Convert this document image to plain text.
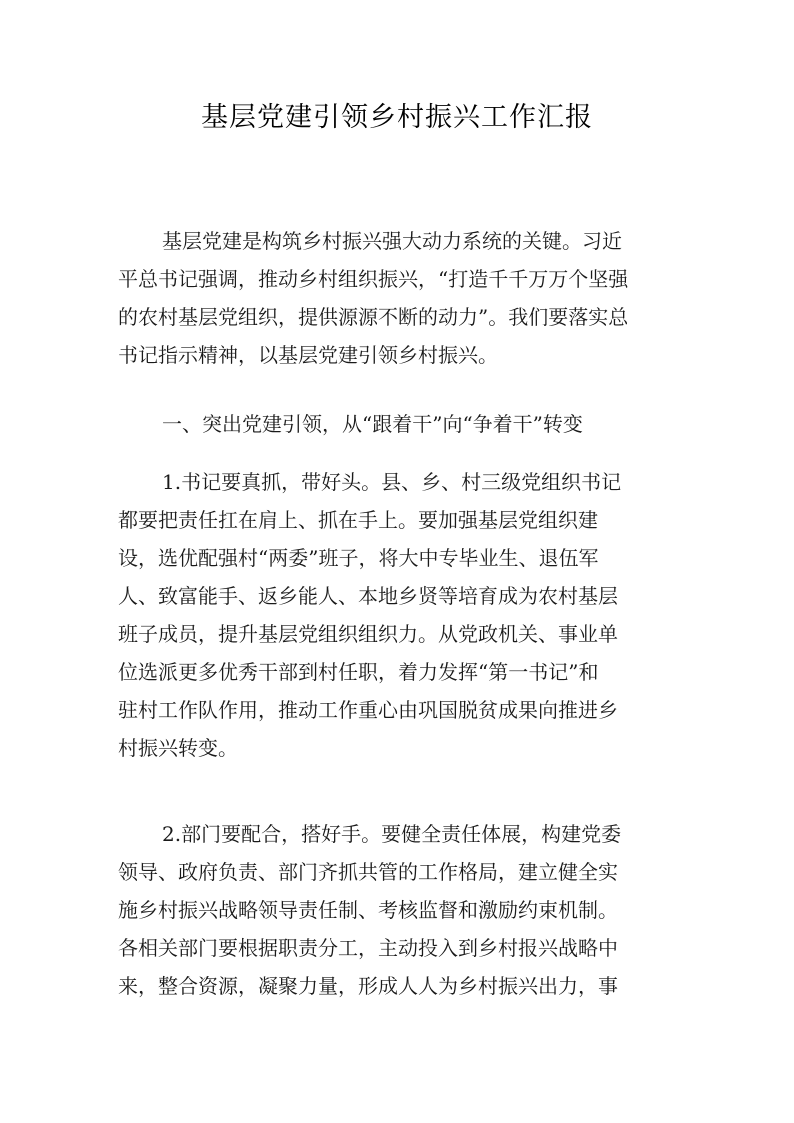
基层党建引领乡村振兴工作汇报
基层党建是构筑乡村振兴强大动力系统的关键。习近
平总书记强调，推动乡村组织振兴，“打造千千万万个坚强
的农村基层党组织，提供源源不断的动力”。我们要落实总
书记指示精神，以基层党建引领乡村振兴。
一、突出党建引领，从“跟着干”向“争着干”转变
1.书记要真抓，带好头。县、乡、村三级党组织书记
都要把责任扛在肩上、抓在手上。要加强基层党组织建
设，选优配强村“两委”班子，将大中专毕业生、退伍军
人、致富能手、返乡能人、本地乡贤等培育成为农村基层
班子成员，提升基层党组织组织力。从党政机关、事业单
位选派更多优秀干部到村任职，着力发挥“第一书记”和
驻村工作队作用，推动工作重心由巩国脱贫成果向推进乡
村振兴转变。
2.部门要配合，搭好手。要健全责任体展，构建党委
领导、政府负责、部门齐抓共管的工作格局，建立健全实
施乡村振兴战略领导责任制、考核监督和激励约束机制。
各相关部门要根据职责分工，主动投入到乡村报兴战略中
来，整合资源，凝聚力量，形成人人为乡村振兴出力，事
